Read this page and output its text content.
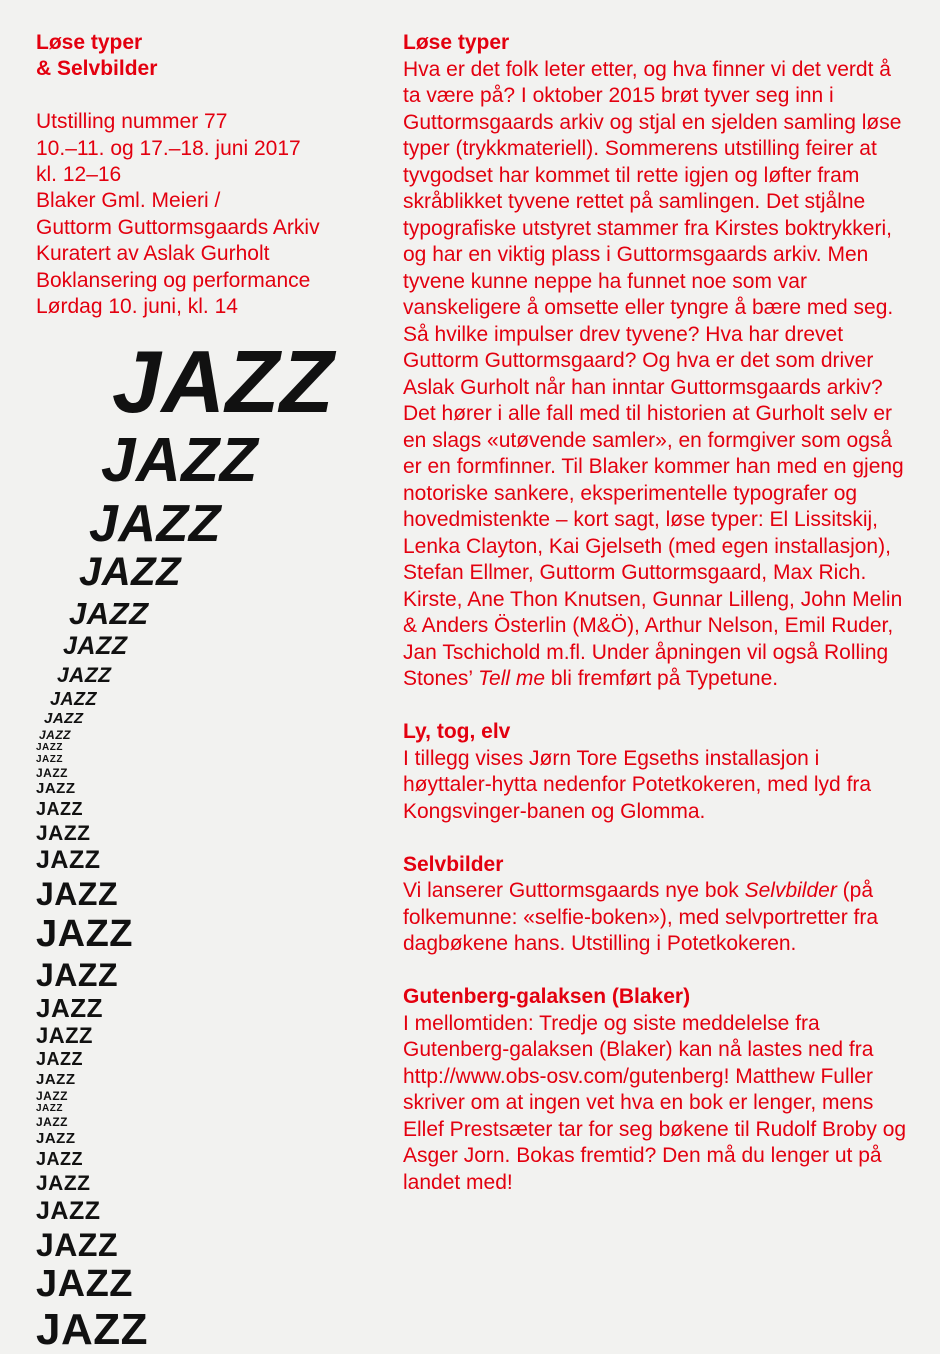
Løse typer
& Selvbilder
Utstilling nummer 77
10.–11. og 17.–18. juni 2017
kl. 12–16
Blaker Gml. Meieri /
Guttorm Guttormsgaards Arkiv
Kuratert av Aslak Gurholt
Boklansering og performance
Lørdag 10. juni, kl. 14
JAZZ
JAZZ
JAZZ
JAZZ
JAZZ
JAZZ
JAZZ
JAZZ
JAZZ
JAZZ
JAZZ
JAZZ
JAZZ
JAZZ
JAZZ
JAZZ
JAZZ
JAZZ
JAZZ
JAZZ
JAZZ
JAZZ
JAZZ
JAZZ
JAZZ
JAZZ
JAZZ
JAZZ
JAZZ
JAZZ
JAZZ
JAZZ
JAZZ
JAZZ
Løse typer

Hva er det folk leter etter, og hva finner vi det verdt å ta være på? I oktober 2015 brøt tyver seg inn i Guttormsgaards arkiv og stjal en sjelden samling løse typer (trykkmateriell). Sommerens utstilling feirer at tyvgodset har kommet til rette igjen og løfter fram skråblikket tyvene rettet på samlingen. Det stjålne typografiske utstyret stammer fra Kirstes boktrykkeri, og har en viktig plass i Guttormsgaards arkiv. Men tyvene kunne neppe ha funnet noe som var vanskeligere å omsette eller tyngre å bære med seg. Så hvilke impulser drev tyvene? Hva har drevet Guttorm Guttormsgaard? Og hva er det som driver Aslak Gurholt når han inntar Guttormsgaards arkiv? Det hører i alle fall med til historien at Gurholt selv er en slags «utøvende samler», en formgiver som også er en formfinner. Til Blaker kommer han med en gjeng notoriske sankere, eksperimentelle typografer og hovedmistenkte – kort sagt, løse typer: El Lissitskij, Lenka Clayton, Kai Gjelseth (med egen installasjon), Stefan Ellmer, Guttorm Guttormsgaard, Max Rich. Kirste, Ane Thon Knutsen, Gunnar Lilleng, John Melin & Anders Österlin (M&Ö), Arthur Nelson, Emil Ruder, Jan Tschichold m.fl. Under åpningen vil også Rolling Stones’ Tell me bli fremført på Typetune.

Ly, tog, elv

I tillegg vises Jørn Tore Egseths installasjon i høyttaler-hytta nedenfor Potetkokeren, med lyd fra Kongsvinger-banen og Glomma.

Selvbilder

Vi lanserer Guttormsgaards nye bok Selvbilder (på folkemunne: «selfie-boken»), med selvportretter fra dagbøkene hans. Utstilling i Potetkokeren.

Gutenberg-galaksen (Blaker)

I mellomtiden: Tredje og siste meddelelse fra Gutenberg-galaksen (Blaker) kan nå lastes ned fra http://www.obs-osv.com/gutenberg! Matthew Fuller skriver om at ingen vet hva en bok er lenger, mens Ellef Prestsæter tar for seg bøkene til Rudolf Broby og Asger Jorn. Bokas fremtid? Den må du lenger ut på landet med!
